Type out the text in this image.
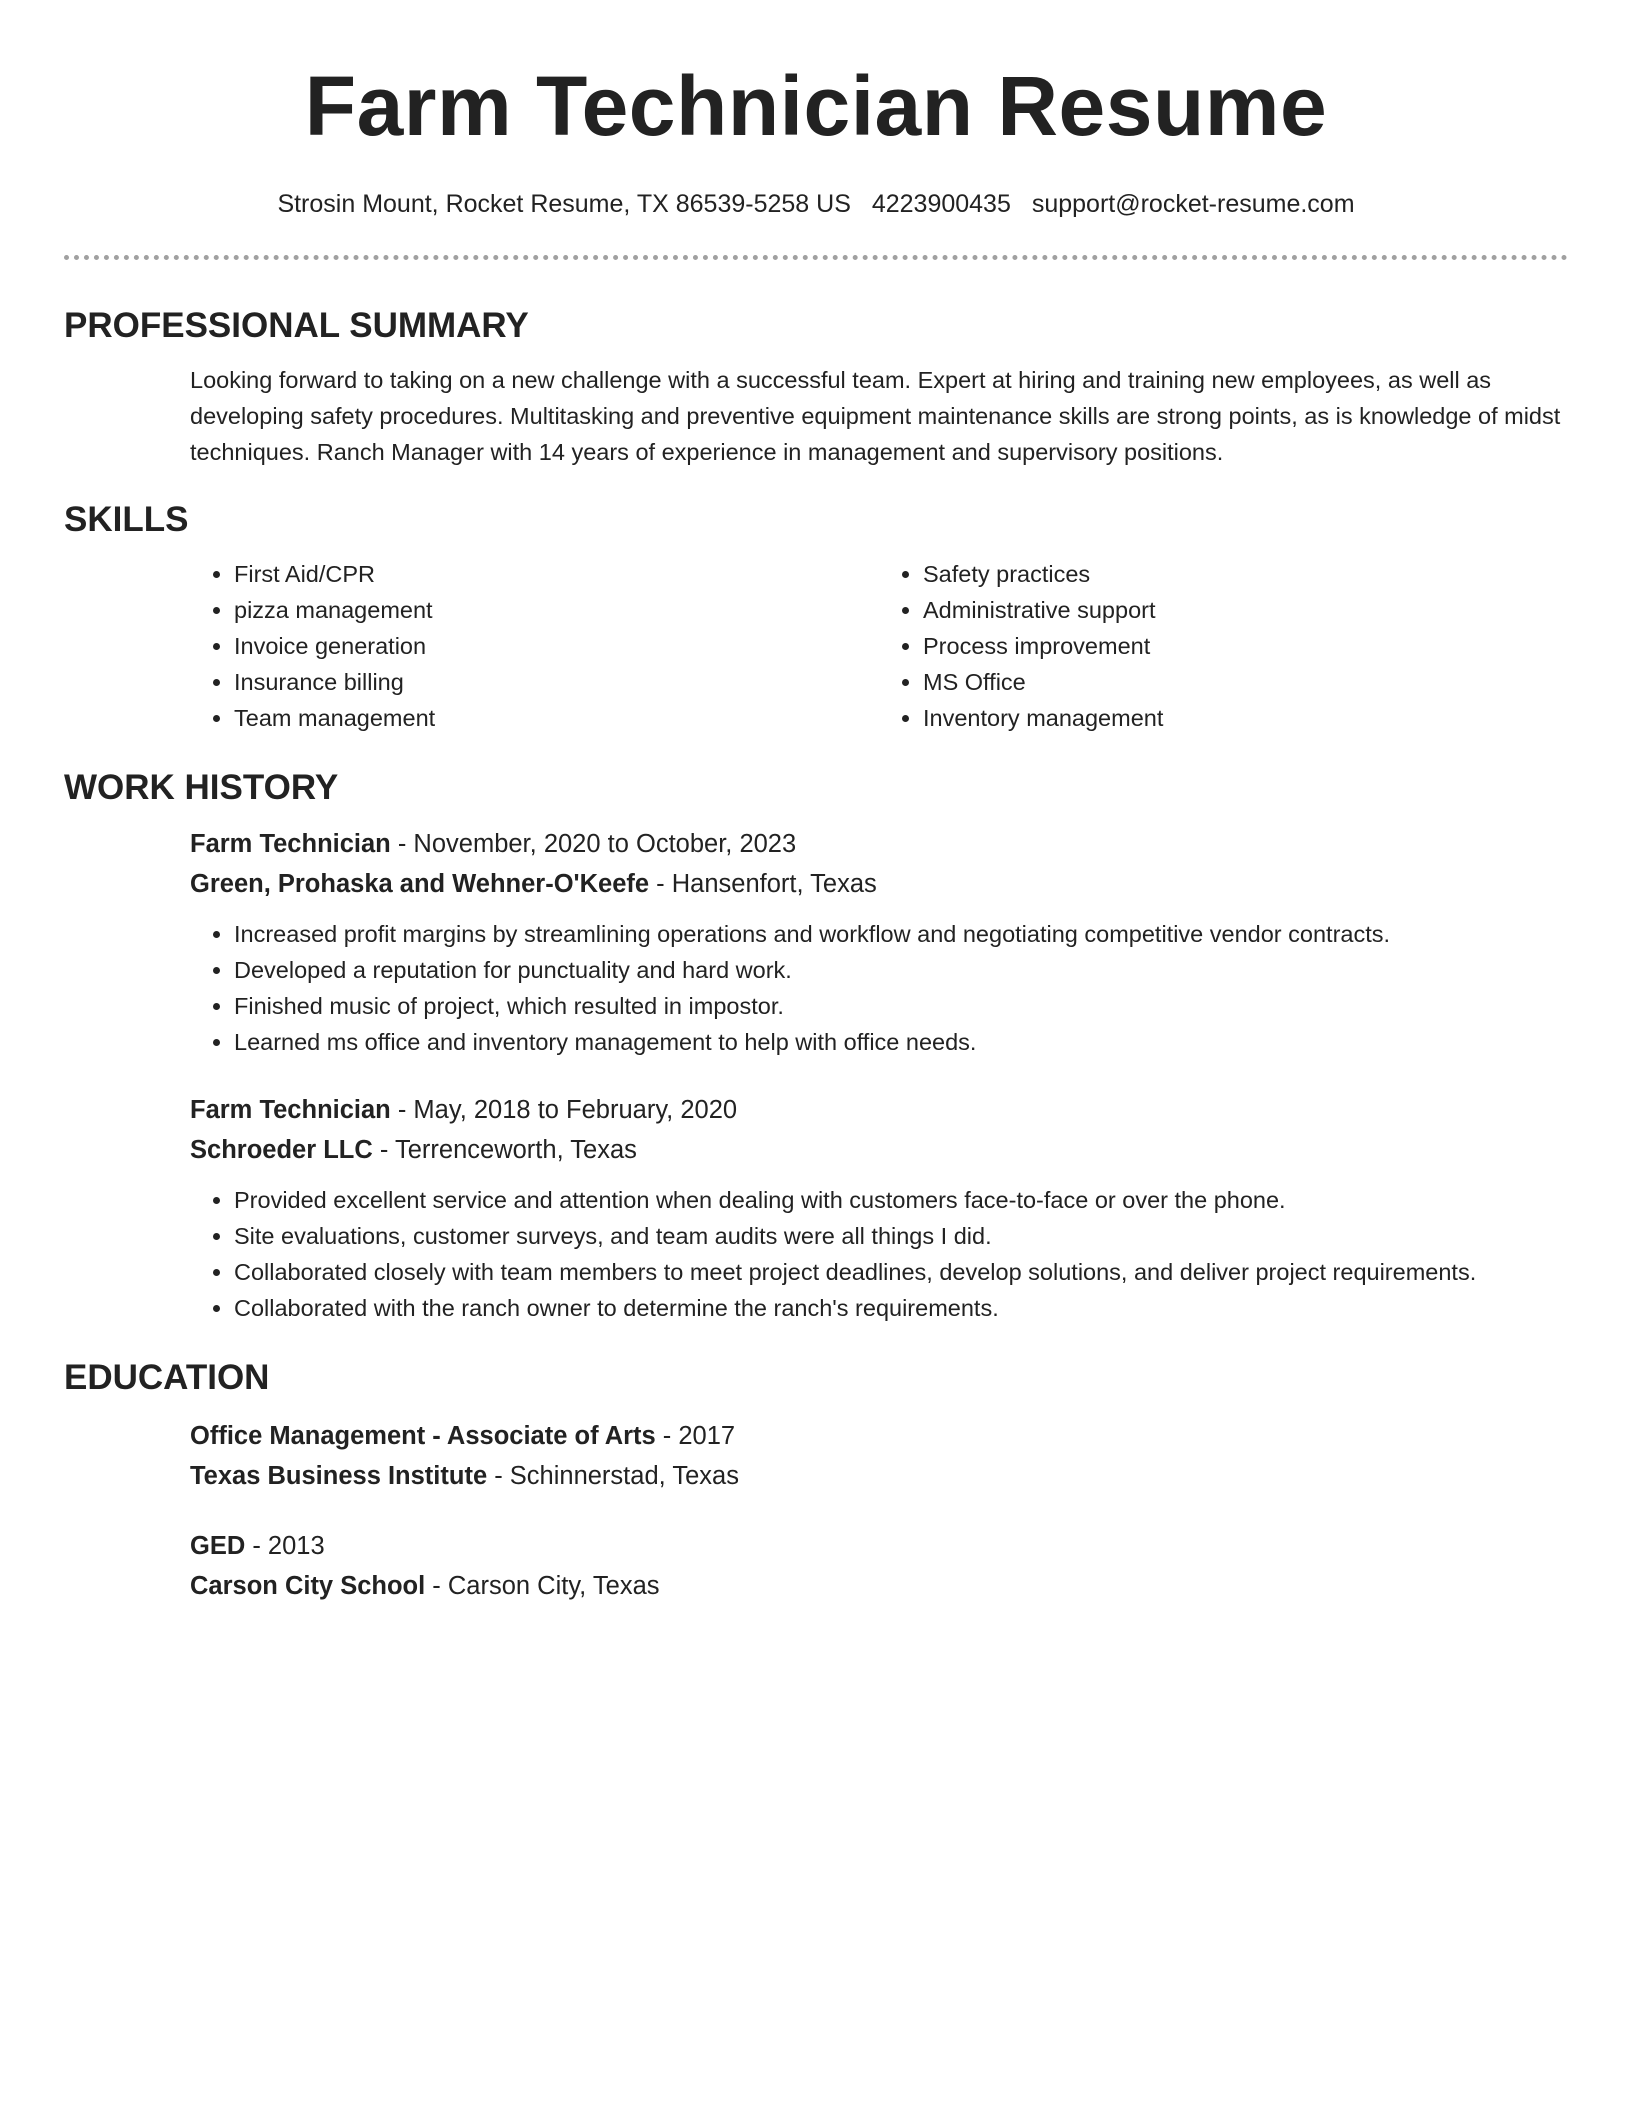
Farm Technician Resume
Strosin Mount, Rocket Resume, TX 86539-5258 US 4223900435 support@rocket-resume.com
PROFESSIONAL SUMMARY

Looking forward to taking on a new challenge with a successful team. Expert at hiring and training new employees, as well as developing safety procedures. Multitasking and preventive equipment maintenance skills are strong points, as is knowledge of midst techniques. Ranch Manager with 14 years of experience in management and supervisory positions.

SKILLS
• First Aid/CPR
• pizza management
• Invoice generation
• Insurance billing
• Team management
• Safety practices
• Administrative support
• Process improvement
• MS Office
• Inventory management
WORK HISTORY
Farm Technician - November, 2020 to October, 2023
Green, Prohaska and Wehner-O'Keefe - Hansenfort, Texas
• Increased profit margins by streamlining operations and workflow and negotiating competitive vendor contracts.
• Developed a reputation for punctuality and hard work.
• Finished music of project, which resulted in impostor.
• Learned ms office and inventory management to help with office needs.
Farm Technician - May, 2018 to February, 2020
Schroeder LLC - Terrenceworth, Texas
• Provided excellent service and attention when dealing with customers face-to-face or over the phone.
• Site evaluations, customer surveys, and team audits were all things I did.
• Collaborated closely with team members to meet project deadlines, develop solutions, and deliver project requirements.
• Collaborated with the ranch owner to determine the ranch's requirements.
EDUCATION
Office Management - Associate of Arts - 2017
Texas Business Institute - Schinnerstad, Texas
GED - 2013
Carson City School - Carson City, Texas
